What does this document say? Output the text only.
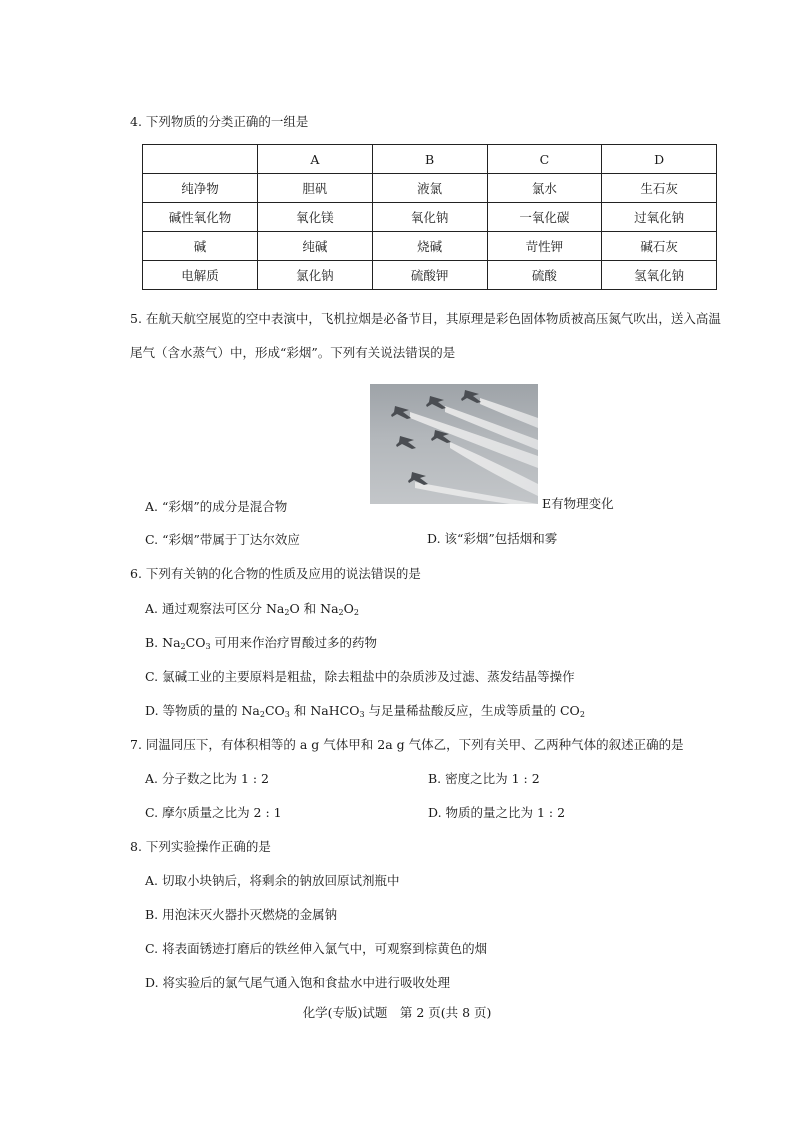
4. 下列物质的分类正确的一组是
	A	B	C	D
纯净物	胆矾	液氯	氯水	生石灰
碱性氧化物	氧化镁	氧化钠	一氧化碳	过氧化钠
碱	纯碱	烧碱	苛性钾	碱石灰
电解质	氯化钠	硫酸钾	硫酸	氢氧化钠
5. 在航天航空展览的空中表演中，飞机拉烟是必备节目，其原理是彩色固体物质被高压氮气吹出，送入高温
尾气（含水蒸气）中，形成“彩烟”。下列有关说法错误的是
A. “彩烟”的成分是混合物	E有物理变化
C. “彩烟”带属于丁达尔效应	D. 该“彩烟”包括烟和雾
6. 下列有关钠的化合物的性质及应用的说法错误的是
A. 通过观察法可区分 $Na_2O$ 和 $Na_2O_2$
B. $Na_2CO_3$ 可用来作治疗胃酸过多的药物
C. 氯碱工业的主要原料是粗盐，除去粗盐中的杂质涉及过滤、蒸发结晶等操作
D. 等物质的量的 $Na_2CO_3$ 和 NaHCO$_3$ 与足量稀盐酸反应，生成等质量的 $CO_2$
7. 同温同压下，有体积相等的 a g 气体甲和 2a g 气体乙，下列有关甲、乙两种气体的叙述正确的是
A. 分子数之比为 1 : 2	B. 密度之比为 1 : 2
C. 摩尔质量之比为 2 : 1	D. 物质的量之比为 1 : 2
8. 下列实验操作正确的是
A. 切取小块钠后，将剩余的钠放回原试剂瓶中
B. 用泡沫灭火器扑灭燃烧的金属钠
C. 将表面锈迹打磨后的铁丝伸入氯气中，可观察到棕黄色的烟
D. 将实验后的氯气尾气通入饱和食盐水中进行吸收处理
化学(专版)试题　第 2 页(共 8 页)
